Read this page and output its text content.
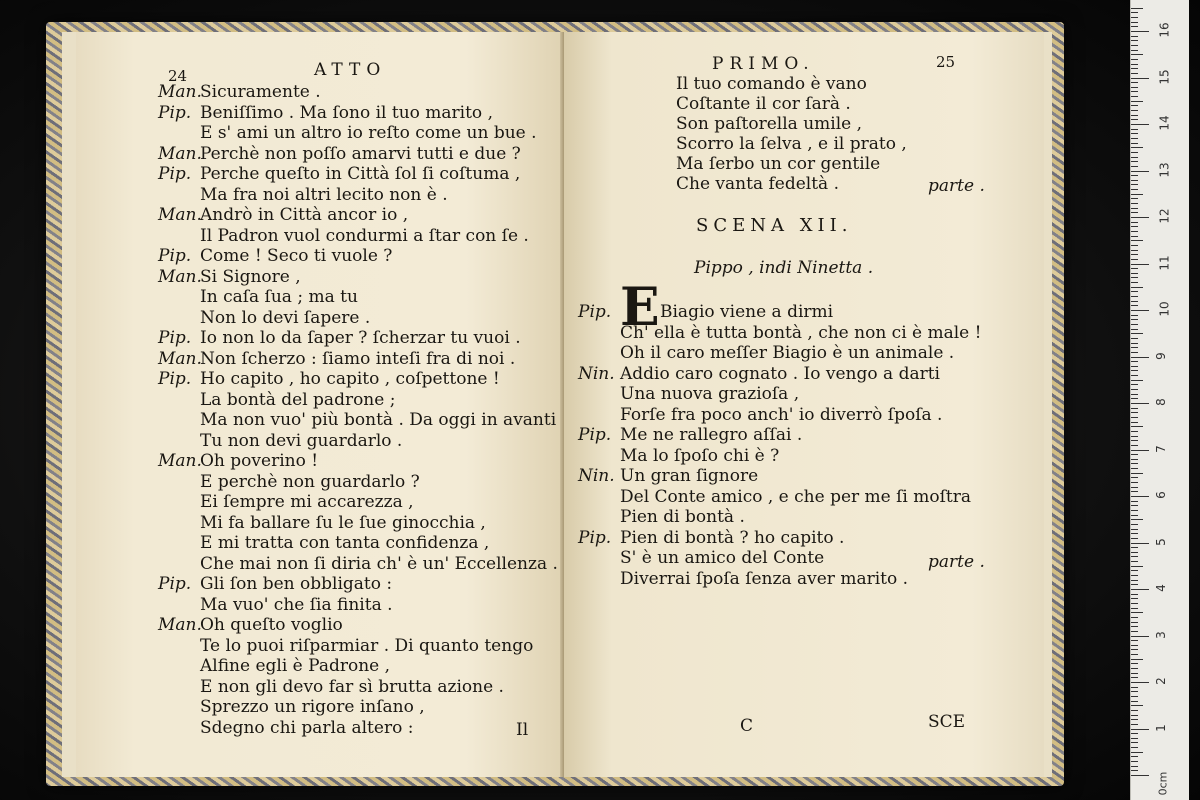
24	ATTO
Il
Man.Sicuramente .
Pip. Beniſſimo . Ma ſono il tuo marito ,
E s' ami un altro io reſto come un bue .
Man.Perchè non poſſo amarvi tutti e due ?
Pip. Perche queſto in Città ſol ſi coſtuma ,
Ma fra noi altri lecito non è .
Man.Andrò in Città ancor io ,
Il Padron vuol condurmi a ſtar con ſe .
Pip. Come ! Seco ti vuole ?
Man.Si Signore ,
In caſa ſua ; ma tu
Non lo devi ſapere .
Pip. Io non lo da ſaper ? ſcherzar tu vuoi .
Man.Non ſcherzo : ſiamo inteſi fra di noi .
Pip. Ho capito , ho capito , coſpettone !
La bontà del padrone ;
Ma non vuo' più bontà . Da oggi in avanti
Tu non devi guardarlo .
Man.Oh poverino !
E perchè non guardarlo ?
Ei ſempre mi accarezza ,
Mi fa ballare ſu le ſue ginocchia ,
E mi tratta con tanta confidenza ,
Che mai non ſi diria ch' è un' Eccellenza .
Pip. Gli ſon ben obbligato :
Ma vuo' che ſia finita .
Man.Oh queſto voglio
Te lo puoi riſparmiar . Di quanto tengo
Alfine egli è Padrone ,
E non gli devo far sì brutta azione .
Sprezzo un rigore inſano ,
Sdegno chi parla altero :
PRIMO.	25
parte .
SCENA XII.
Pippo , indi Ninetta .
E
parte .
C	SCE
Il tuo comando è vano
Coſtante il cor ſarà .
Son paſtorella umile ,
Scorro la ſelva , e il prato ,
Ma ſerbo un cor gentile
Che vanta fedeltà .
Pip.	Biagio viene a dirmi
Ch' ella è tutta bontà , che non ci è male !
Oh il caro meſſer Biagio è un animale .
Nin. Addio caro cognato . Io vengo a darti
Una nuova grazioſa ,
Forſe fra poco anch' io diverrò ſpoſa .
Pip. Me ne rallegro aſſai .
Ma lo ſpoſo chi è ?
Nin. Un gran ſignore
Del Conte amico , e che per me ſi moſtra
Pien di bontà .
Pip. Pien di bontà ? ho capito .
S' è un amico del Conte
Diverrai ſpoſa ſenza aver marito .
0cm
1
2
3
4
5
6
7
8
9
10
11
12
13
14
15
16
